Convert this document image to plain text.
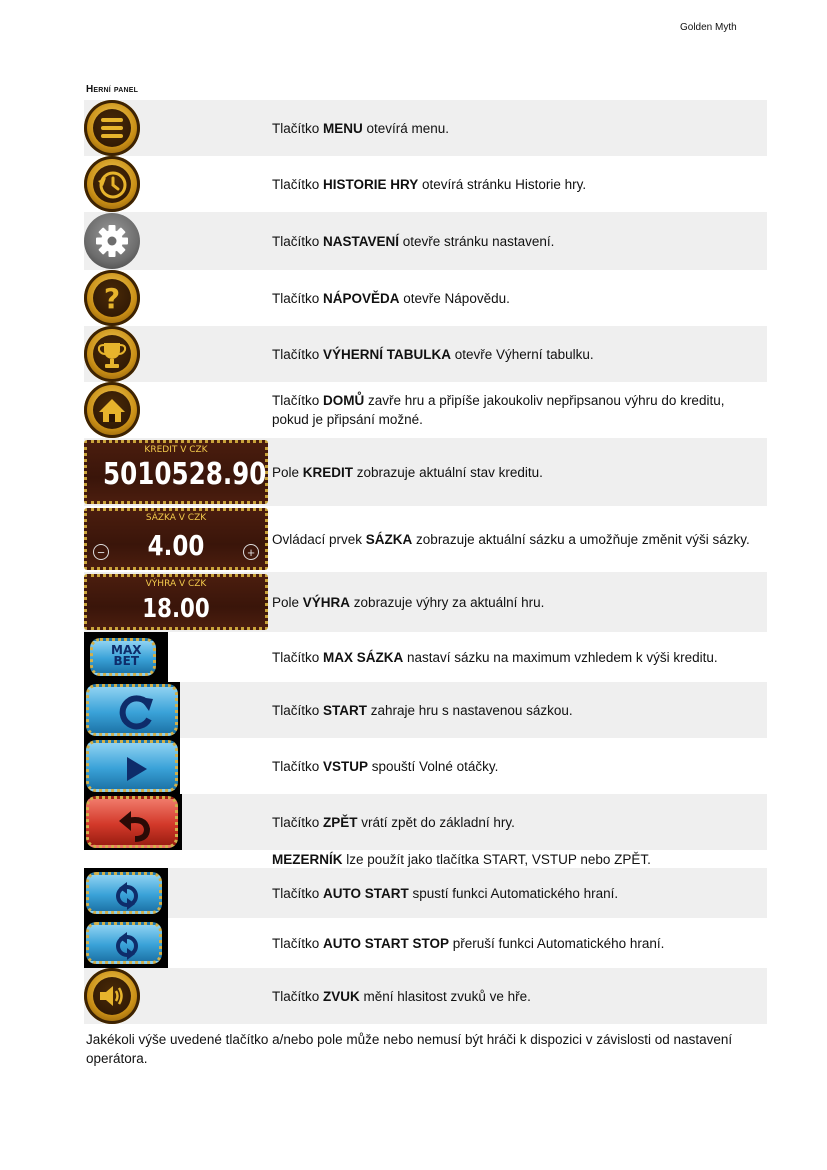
Golden Myth
Herní panel
Tlačítko MENU otevírá menu.
Tlačítko HISTORIE HRY otevírá stránku Historie hry.
Tlačítko NASTAVENÍ otevře stránku nastavení.
?	Tlačítko NÁPOVĚDA otevře Nápovědu.
Tlačítko VÝHERNÍ TABULKA otevře Výherní tabulku.
Tlačítko DOMŮ zavře hru a připíše jakoukoliv nepřipsanou výhru do kreditu, pokud je připsání možné.
KREDIT V CZK
5010528.90 Pole KREDIT zobrazuje aktuální stav kreditu.
SÁZKA V CZK
4.00
−	+
Ovládací prvek SÁZKA zobrazuje aktuální sázku a umožňuje změnit výši sázky.
VÝHRA V CZK
18.00	Pole VÝHRA zobrazuje výhry za aktuální hru.
MAX
BET	Tlačítko MAX SÁZKA nastaví sázku na maximum vzhledem k výši kreditu.
Tlačítko START zahraje hru s nastavenou sázkou.
Tlačítko VSTUP spouští Volné otáčky.
Tlačítko ZPĚT vrátí zpět do základní hry.
MEZERNÍK lze použít jako tlačítka START, VSTUP nebo ZPĚT.
Tlačítko AUTO START spustí funkci Automatického hraní.
Tlačítko AUTO START STOP přeruší funkci Automatického hraní.
Tlačítko ZVUK mění hlasitost zvuků ve hře.
Jakékoli výše uvedené tlačítko a/nebo pole může nebo nemusí být hráči k dispozici v závislosti od nastavení operátora.
